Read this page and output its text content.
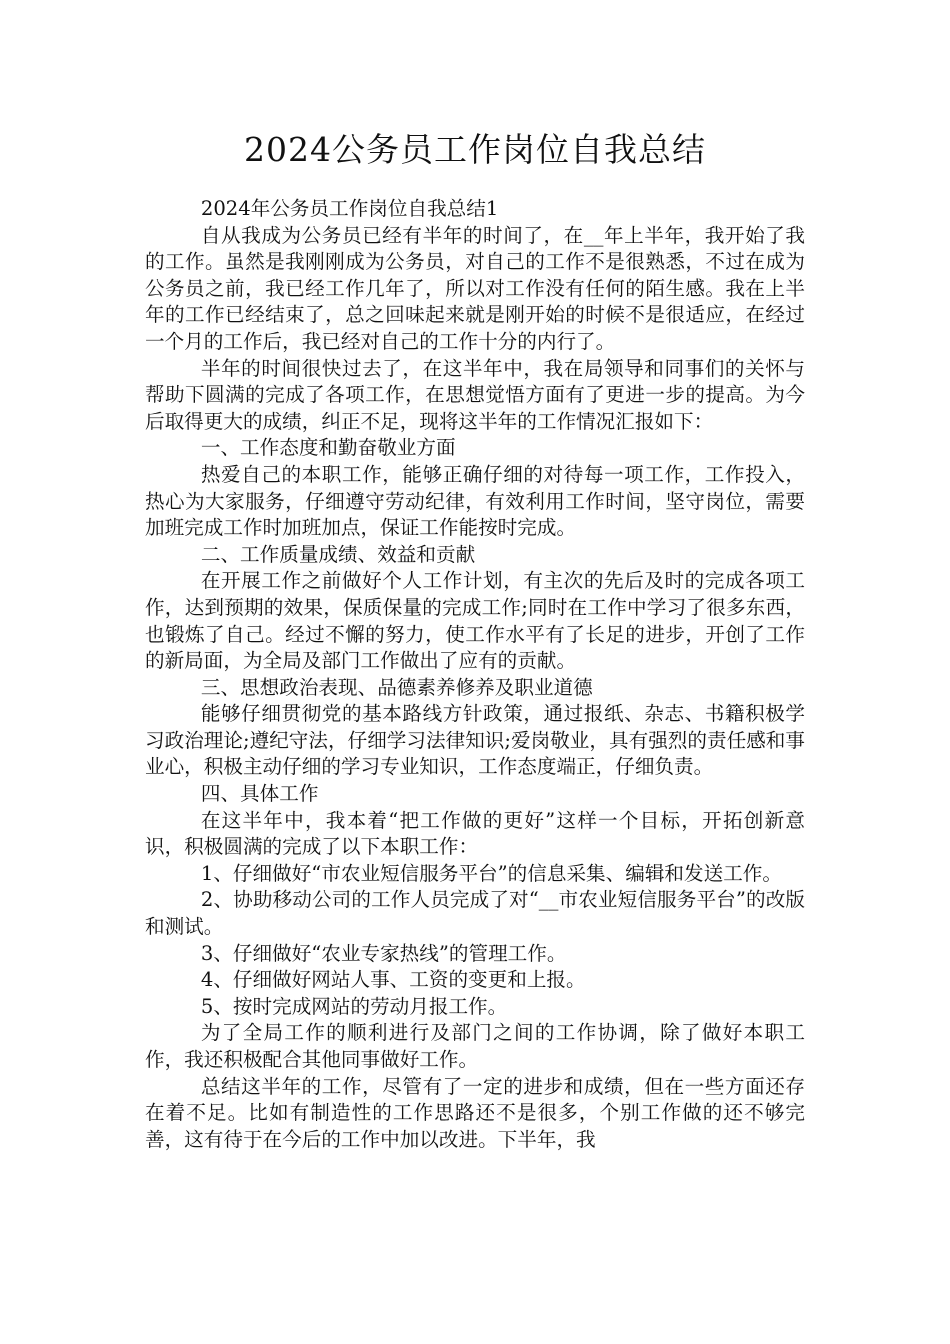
2024公务员工作岗位自我总结

2024年公务员工作岗位自我总结1

自从我成为公务员已经有半年的时间了，在__年上半年，我开始了我的工作。虽然是我刚刚成为公务员，对自己的工作不是很熟悉，不过在成为公务员之前，我已经工作几年了，所以对工作没有任何的陌生感。我在上半年的工作已经结束了，总之回味起来就是刚开始的时候不是很适应，在经过一个月的工作后，我已经对自己的工作十分的内行了。

半年的时间很快过去了，在这半年中，我在局领导和同事们的关怀与帮助下圆满的完成了各项工作，在思想觉悟方面有了更进一步的提高。为今后取得更大的成绩，纠正不足，现将这半年的工作情况汇报如下：

一、工作态度和勤奋敬业方面

热爱自己的本职工作，能够正确仔细的对待每一项工作，工作投入，热心为大家服务，仔细遵守劳动纪律，有效利用工作时间，坚守岗位，需要加班完成工作时加班加点，保证工作能按时完成。

二、工作质量成绩、效益和贡献

在开展工作之前做好个人工作计划，有主次的先后及时的完成各项工作，达到预期的效果，保质保量的完成工作;同时在工作中学习了很多东西，也锻炼了自己。经过不懈的努力，使工作水平有了长足的进步，开创了工作的新局面，为全局及部门工作做出了应有的贡献。

三、思想政治表现、品德素养修养及职业道德

能够仔细贯彻党的基本路线方针政策，通过报纸、杂志、书籍积极学习政治理论;遵纪守法，仔细学习法律知识;爱岗敬业，具有强烈的责任感和事业心，积极主动仔细的学习专业知识，工作态度端正，仔细负责。

四、具体工作

在这半年中，我本着“把工作做的更好”这样一个目标，开拓创新意识，积极圆满的完成了以下本职工作：

1、仔细做好“市农业短信服务平台”的信息采集、编辑和发送工作。

2、协助移动公司的工作人员完成了对“__市农业短信服务平台”的改版和测试。

3、仔细做好“农业专家热线”的管理工作。

4、仔细做好网站人事、工资的变更和上报。

5、按时完成网站的劳动月报工作。

为了全局工作的顺利进行及部门之间的工作协调，除了做好本职工作，我还积极配合其他同事做好工作。

总结这半年的工作，尽管有了一定的进步和成绩，但在一些方面还存在着不足。比如有制造性的工作思路还不是很多，个别工作做的还不够完善，这有待于在今后的工作中加以改进。下半年，我
